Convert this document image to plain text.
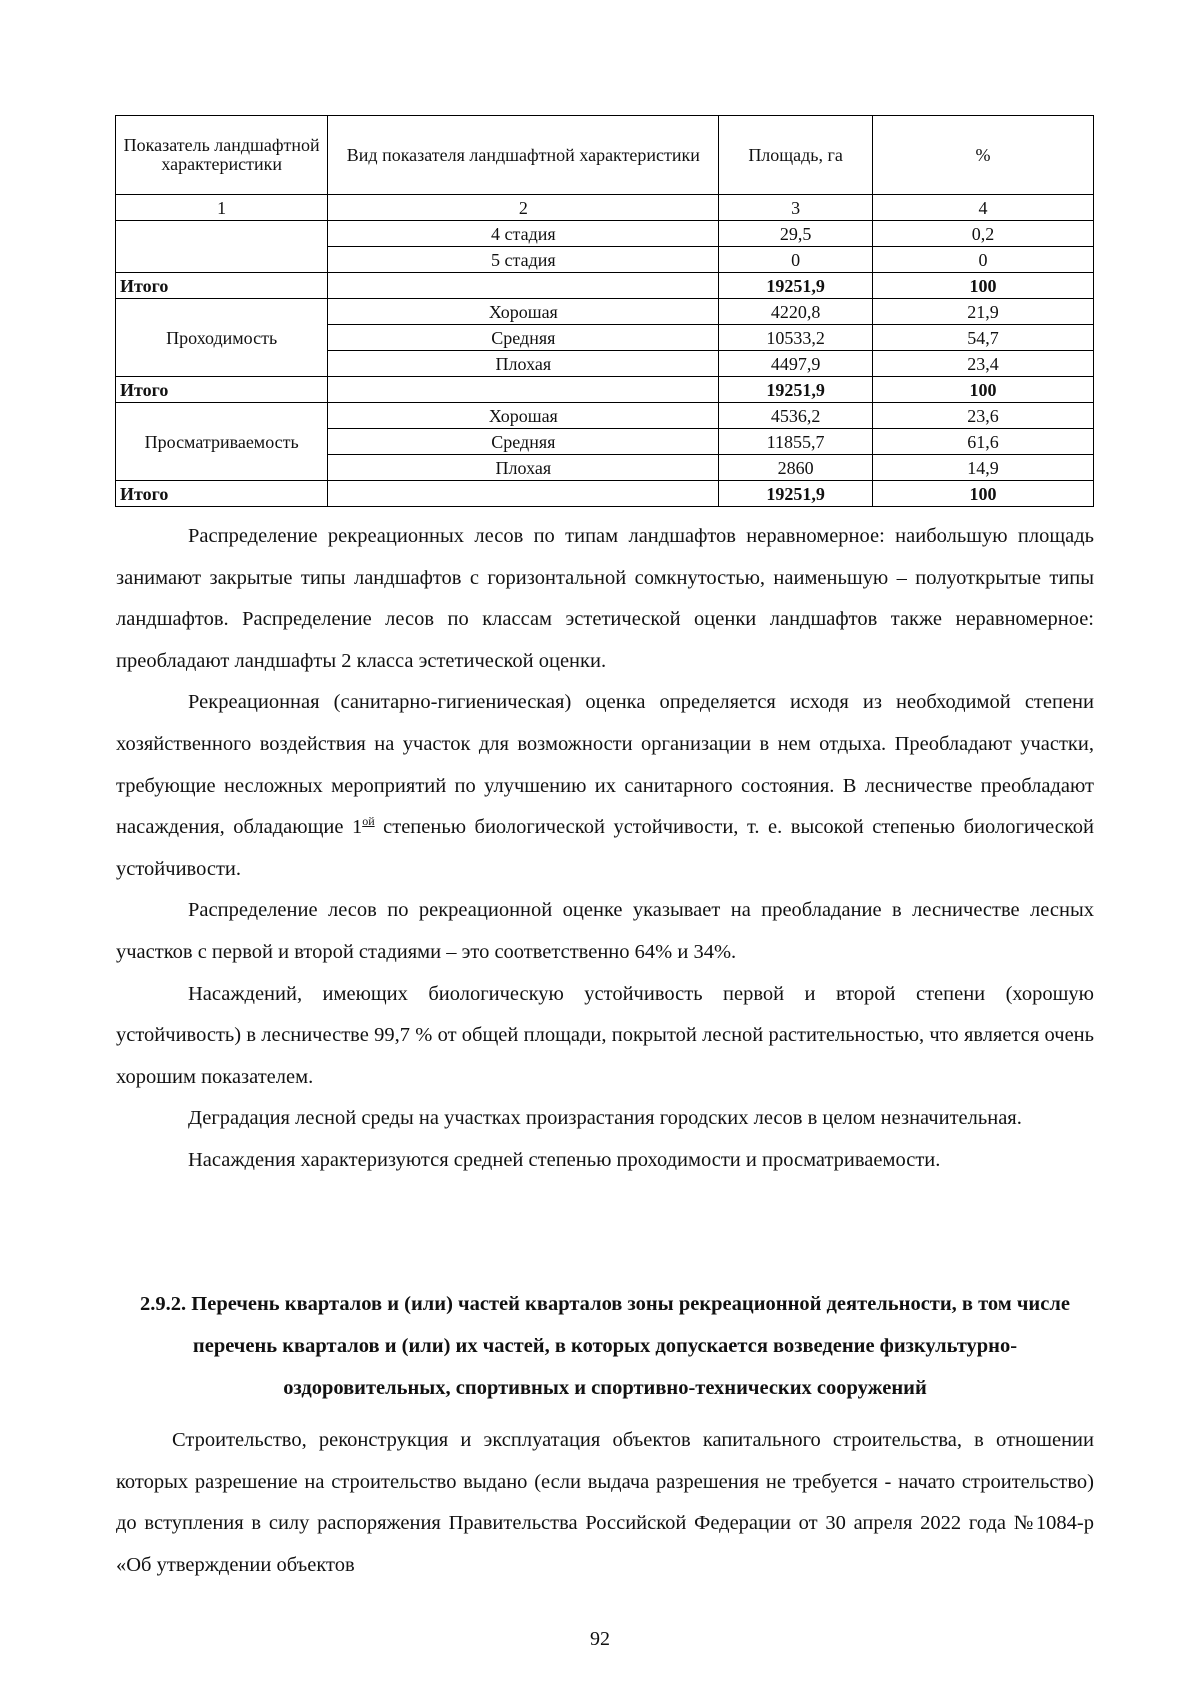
Показатель ландшафтной характеристики	Вид показателя ландшафтной характеристики	Площадь, га	%
1	2	3	4
	4 стадия	29,5	0,2
	5 стадия	0	0
Итого		19251,9	100
Проходимость	Хорошая	4220,8	21,9
	Средняя	10533,2	54,7
	Плохая	4497,9	23,4
Итого		19251,9	100
Просматриваемость	Хорошая	4536,2	23,6
	Средняя	11855,7	61,6
	Плохая	2860	14,9
Итого		19251,9	100

Распределение рекреационных лесов по типам ландшафтов неравномерное: наибольшую площадь занимают закрытые типы ландшафтов с горизонтальной сомкнутостью, наименьшую – полуоткрытые типы ландшафтов. Распределение лесов по классам эстетической оценки ландшафтов также неравномерное: преобладают ландшафты 2 класса эстетической оценки.

Рекреационная (санитарно-гигиеническая) оценка определяется исходя из необходимой степени хозяйственного воздействия на участок для возможности организации в нем отдыха. Преобладают участки, требующие несложных мероприятий по улучшению их санитарного состояния. В лесничестве преобладают насаждения, обладающие $1^{ой}$ степенью биологической устойчивости, т. е. высокой степенью биологической устойчивости.

Распределение лесов по рекреационной оценке указывает на преобладание в лесничестве лесных участков с первой и второй стадиями – это соответственно 64% и 34%.

Насаждений, имеющих биологическую устойчивость первой и второй степени (хорошую устойчивость) в лесничестве 99,7 % от общей площади, покрытой лесной растительностью, что является очень хорошим показателем.

Деградация лесной среды на участках произрастания городских лесов в целом незначительная.

Насаждения характеризуются средней степенью проходимости и просматриваемости.

2.9.2. Перечень кварталов и (или) частей кварталов зоны рекреационной деятельности, в том числе перечень кварталов и (или) их частей, в которых допускается возведение физкультурно-оздоровительных, спортивных и спортивно-технических сооружений

Строительство, реконструкция и эксплуатация объектов капитального строительства, в отношении которых разрешение на строительство выдано (если выдача разрешения не требуется - начато строительство) до вступления в силу распоряжения Правительства Российской Федерации от 30 апреля 2022 года №1084-р «Об утверждении объектов

92
